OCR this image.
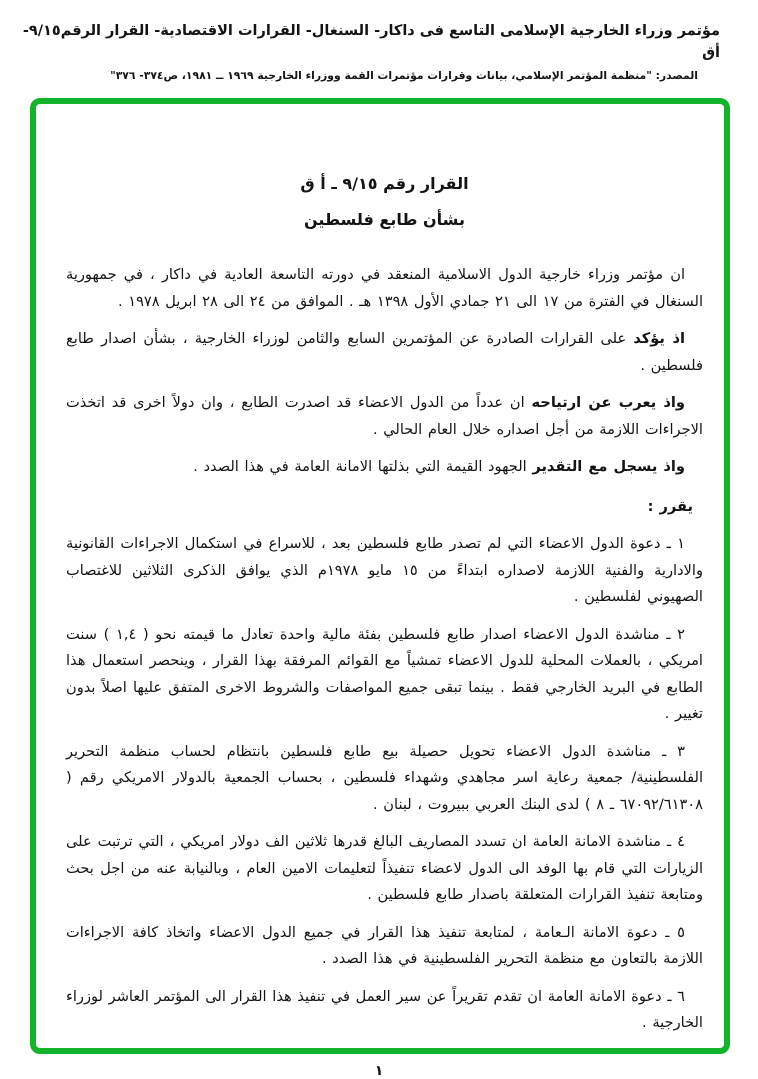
مؤتمر وزراء الخارجية الإسلامى التاسع فى داكار- السنغال- القرارات الاقتصادية- القرار الرقم٩/١٥- أق
المصدر: "منظمة المؤتمر الإسلامي، بيانات وقرارات مؤتمرات القمة ووزراء الخارجية ١٩٦٩ ــ ١٩٨١، ص٣٧٤- ٣٧٦"
القرار رقم ٩/١٥ ـ أ ق
بشأن طابع فلسطين

ان مؤتمر وزراء خارجية الدول الاسلامية المنعقد في دورته التاسعة العادية في داكار ، في جمهورية السنغال في الفترة من ١٧ الى ٢١ جمادي الأول ١٣٩٨ هـ . الموافق من ٢٤ الى ٢٨ ابريل ١٩٧٨ .

اذ يؤكد على القرارات الصادرة عن المؤتمرين السابع والثامن لوزراء الخارجية ، بشأن اصدار طابع فلسطين .

واذ يعرب عن ارتياحه ان عدداً من الدول الاعضاء قد اصدرت الطابع ، وان دولاً اخرى قد اتخذت الاجراءات اللازمة من أجل اصداره خلال العام الحالي .

واذ يسجل مع التقدير الجهود القيمة التي بذلتها الامانة العامة في هذا الصدد .

يقرر :

١ ـ دعوة الدول الاعضاء التي لم تصدر طابع فلسطين بعد ، للاسراع في استكمال الاجراءات القانونية والادارية والفنية اللازمة لاصداره ابتداءً من ١٥ مايو ١٩٧٨م الذي يوافق الذكرى الثلاثين للاغتصاب الصهيوني لفلسطين .

٢ ـ مناشدة الدول الاعضاء اصدار طابع فلسطين بفئة مالية واحدة تعادل ما قيمته نحو ( ١,٤ ) سنت امريكي ، بالعملات المحلية للدول الاعضاء تمشياً مع القوائم المرفقة بهذا القرار ، وينحصر استعمال هذا الطابع في البريد الخارجي فقط . بينما تبقى جميع المواصفات والشروط الاخرى المتفق عليها اصلاً بدون تغيير .

٣ ـ مناشدة الدول الاعضاء تحويل حصيلة بيع طابع فلسطين بانتظام لحساب منظمة التحرير الفلسطينية/ جمعية رعاية اسر مجاهدي وشهداء فلسطين ، بحساب الجمعية بالدولار الامريكي رقم ( ٦٧٠٩٢/٦١٣٠٨ ـ ٨ ) لدى البنك العربي ببيروت ، لبنان .

٤ ـ مناشدة الامانة العامة ان تسدد المصاريف البالغ قدرها ثلاثين الف دولار امريكي ، التي ترتبت على الزيارات التي قام بها الوفد الى الدول لاعضاء تنفيذاً لتعليمات الامين العام ، وبالنيابة عنه من اجل بحث ومتابعة تنفيذ القرارات المتعلقة باصدار طابع فلسطين .

٥ ـ دعوة الامانة الـعامة ، لمتابعة تنفيذ هذا القرار في جميع الدول الاعضاء واتخاذ كافة الاجراءات اللازمة بالتعاون مع منظمة التحرير الفلسطينية في هذا الصدد .

٦ ـ دعوة الامانة العامة ان تقدم تقريراً عن سير العمل في تنفيذ هذا القرار الى المؤتمر العاشر لوزراء الخارجية .

١
